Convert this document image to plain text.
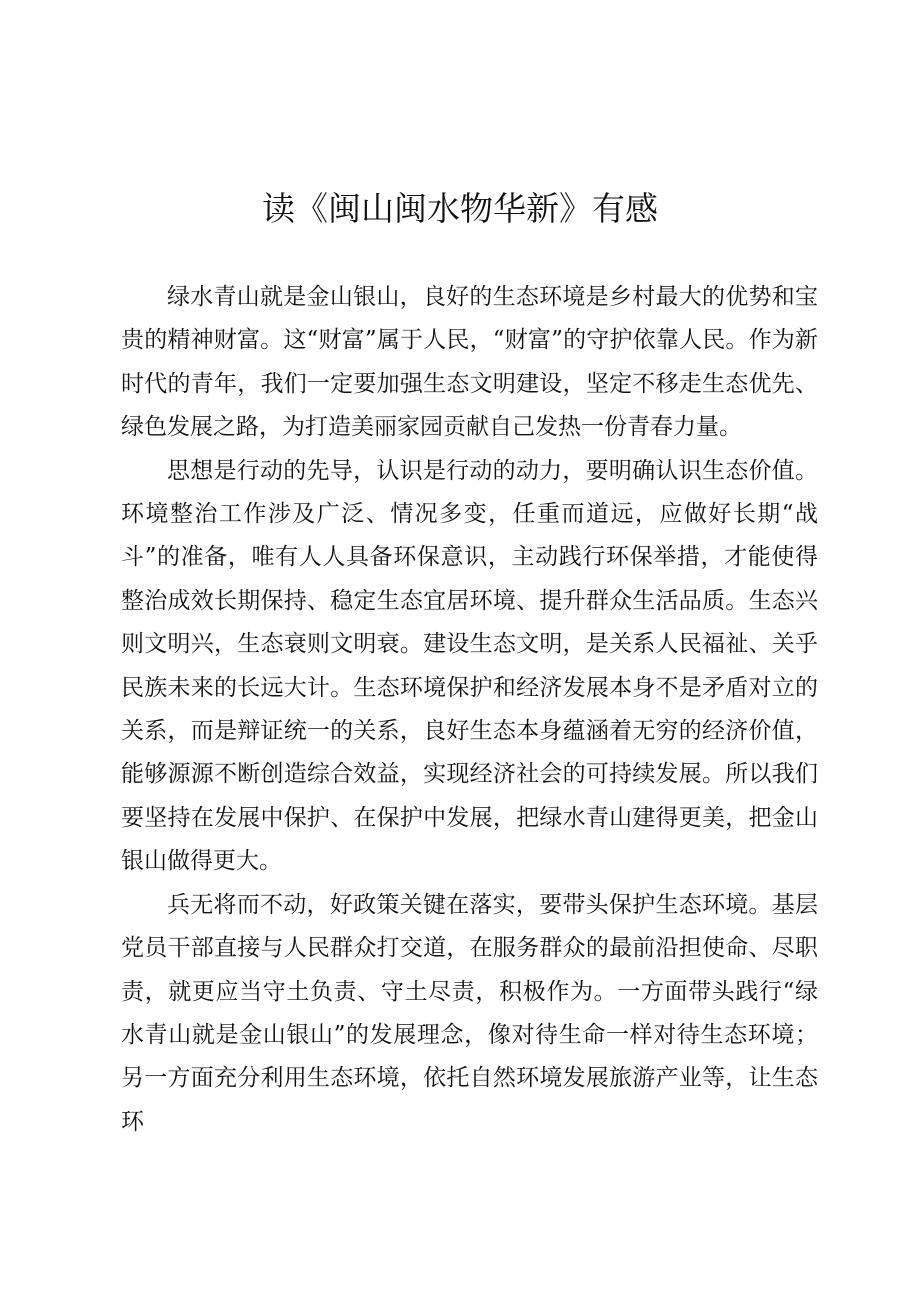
读《闽山闽水物华新》有感

绿水青山就是金山银山，良好的生态环境是乡村最大的优势和宝贵的精神财富。这“财富”属于人民，“财富”的守护依靠人民。作为新时代的青年，我们一定要加强生态文明建设，坚定不移走生态优先、绿色发展之路，为打造美丽家园贡献自己发热一份青春力量。

思想是行动的先导，认识是行动的动力，要明确认识生态价值。环境整治工作涉及广泛、情况多变，任重而道远，应做好长期“战斗”的准备，唯有人人具备环保意识，主动践行环保举措，才能使得整治成效长期保持、稳定生态宜居环境、提升群众生活品质。生态兴则文明兴，生态衰则文明衰。建设生态文明，是关系人民福祉、关乎民族未来的长远大计。生态环境保护和经济发展本身不是矛盾对立的关系，而是辩证统一的关系，良好生态本身蕴涵着无穷的经济价值，能够源源不断创造综合效益，实现经济社会的可持续发展。所以我们要坚持在发展中保护、在保护中发展，把绿水青山建得更美，把金山银山做得更大。

兵无将而不动，好政策关键在落实，要带头保护生态环境。基层党员干部直接与人民群众打交道，在服务群众的最前沿担使命、尽职责，就更应当守土负责、守土尽责，积极作为。一方面带头践行“绿水青山就是金山银山”的发展理念，像对待生命一样对待生态环境；另一方面充分利用生态环境，依托自然环境发展旅游产业等，让生态环
